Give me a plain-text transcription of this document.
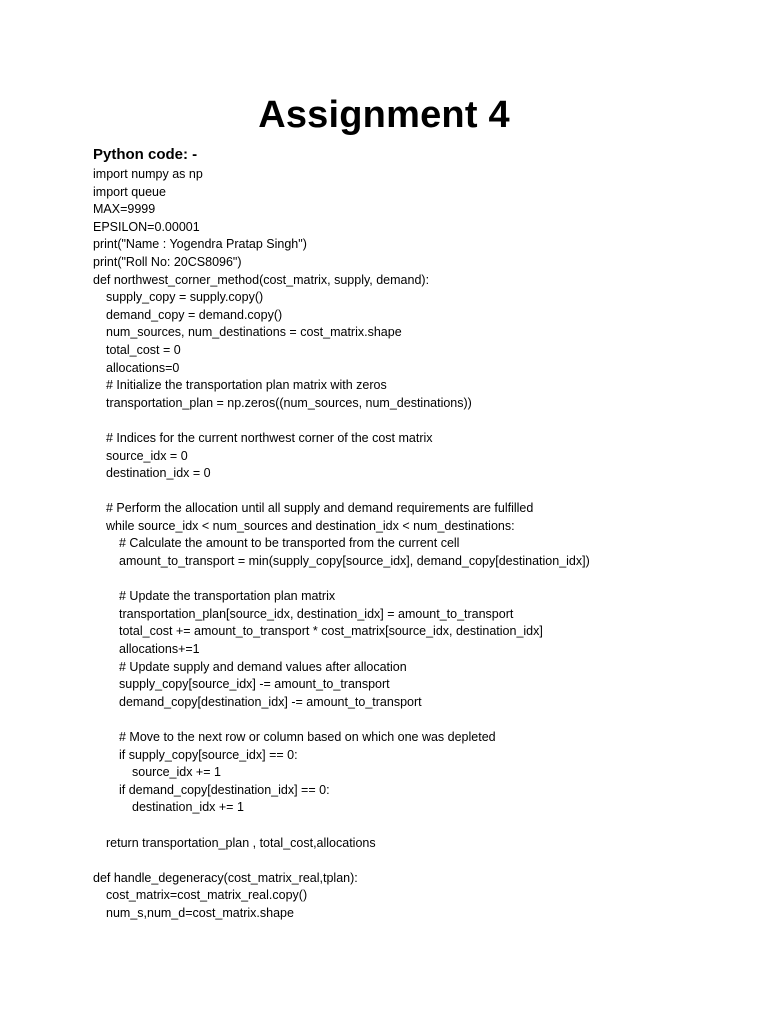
Assignment 4
Python code: -
import numpy as np
import queue
MAX=9999
EPSILON=0.00001
print("Name : Yogendra Pratap Singh")
print("Roll No: 20CS8096")
def northwest_corner_method(cost_matrix, supply, demand):
supply_copy = supply.copy()
demand_copy = demand.copy()
num_sources, num_destinations = cost_matrix.shape
total_cost = 0
allocations=0
# Initialize the transportation plan matrix with zeros
transportation_plan = np.zeros((num_sources, num_destinations))
# Indices for the current northwest corner of the cost matrix
source_idx = 0
destination_idx = 0
# Perform the allocation until all supply and demand requirements are fulfilled
while source_idx < num_sources and destination_idx < num_destinations:
# Calculate the amount to be transported from the current cell
amount_to_transport = min(supply_copy[source_idx], demand_copy[destination_idx])
# Update the transportation plan matrix
transportation_plan[source_idx, destination_idx] = amount_to_transport
total_cost += amount_to_transport * cost_matrix[source_idx, destination_idx]
allocations+=1
# Update supply and demand values after allocation
supply_copy[source_idx] -= amount_to_transport
demand_copy[destination_idx] -= amount_to_transport
# Move to the next row or column based on which one was depleted
if supply_copy[source_idx] == 0:
source_idx += 1
if demand_copy[destination_idx] == 0:
destination_idx += 1
return transportation_plan , total_cost,allocations
def handle_degeneracy(cost_matrix_real,tplan):
cost_matrix=cost_matrix_real.copy()
num_s,num_d=cost_matrix.shape
